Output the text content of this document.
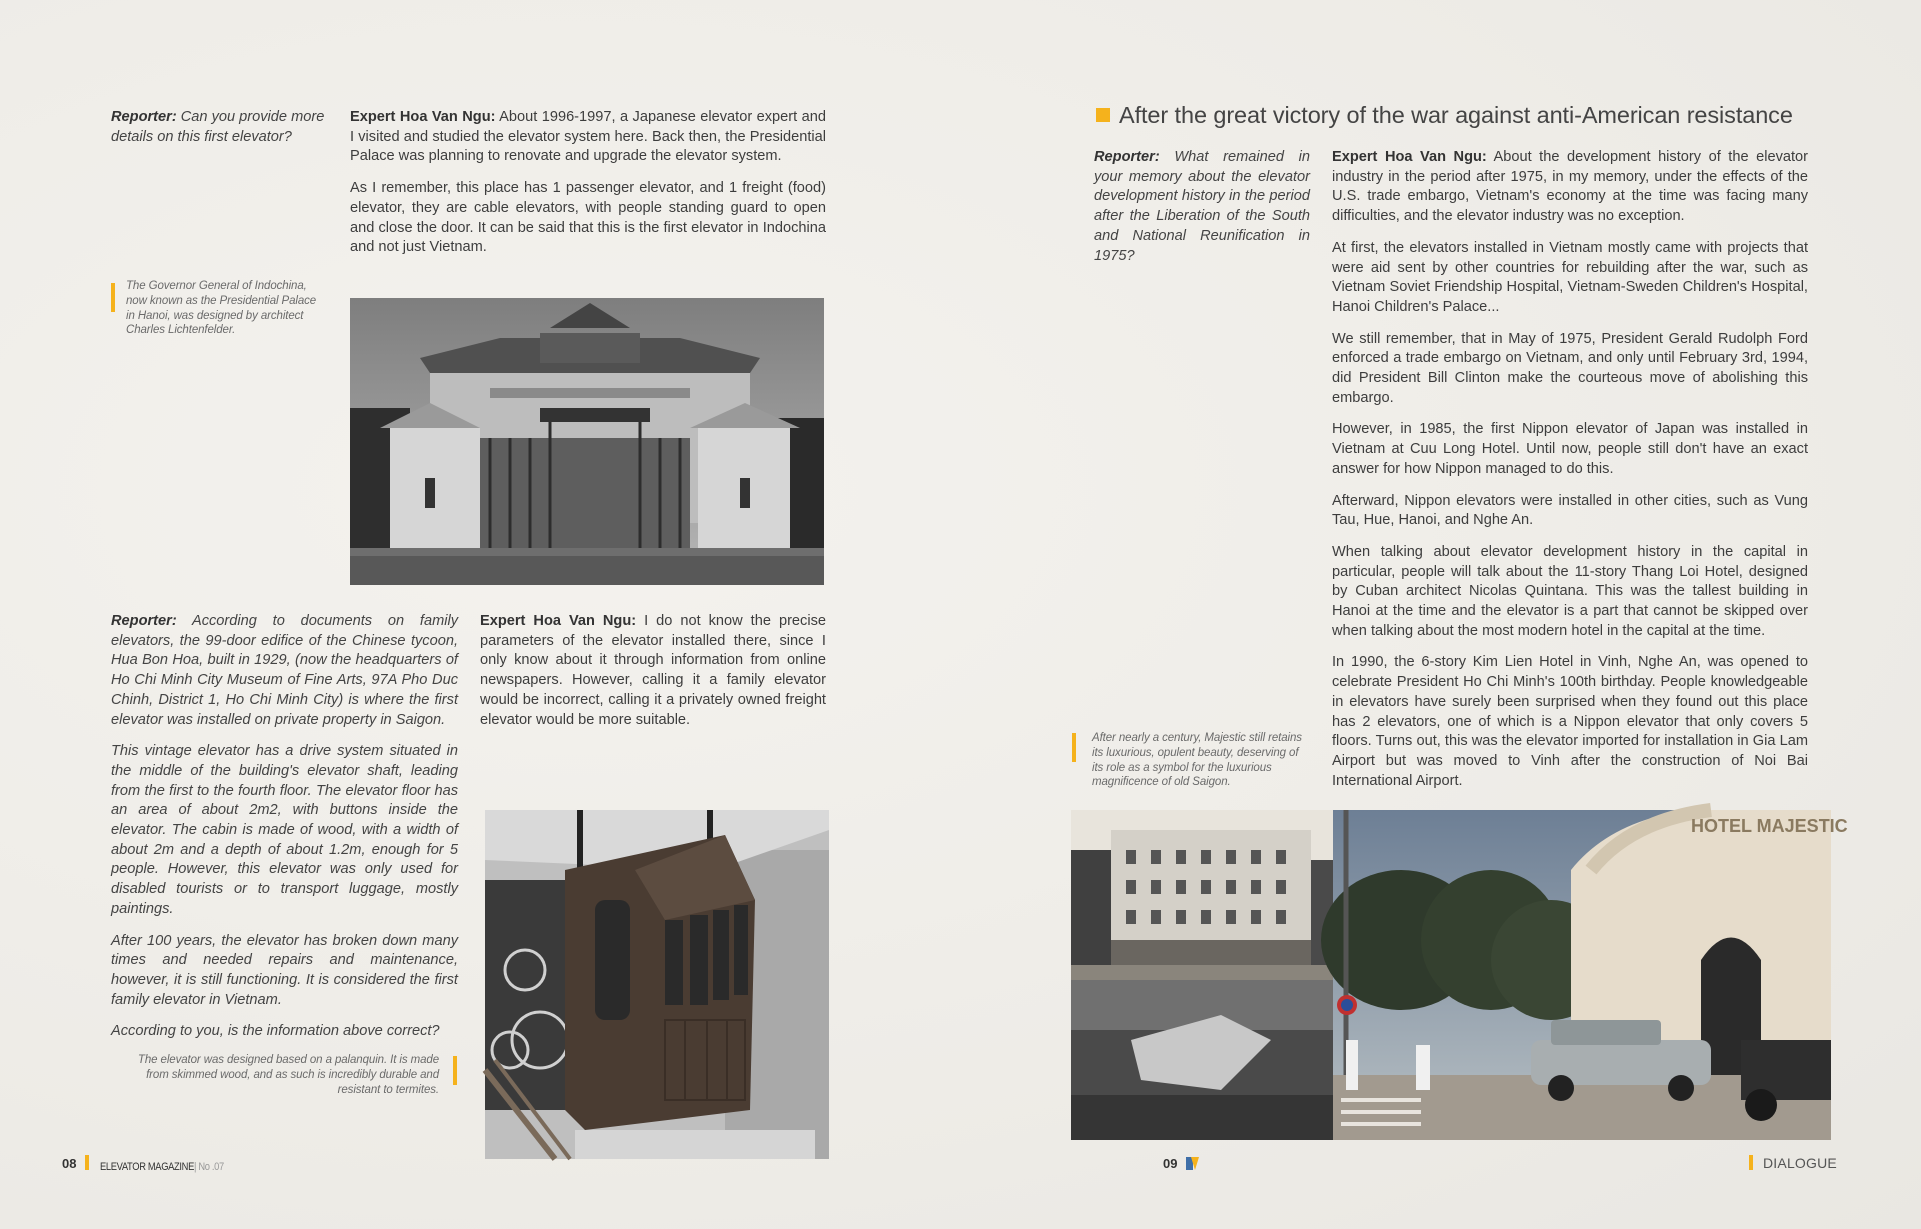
Reporter: Can you provide more details on this first elevator?

Expert Hoa Van Ngu: About 1996-1997, a Japanese elevator expert and I visited and studied the elevator system here. Back then, the Presidential Palace was planning to renovate and upgrade the elevator system.

As I remember, this place has 1 passenger elevator, and 1 freight (food) elevator, they are cable elevators, with people standing guard to open and close the door. It can be said that this is the first elevator in Indochina and not just Vietnam.

The Governor General of Indochina, now known as the Presidential Palace in Hanoi, was designed by architect Charles Lichtenfelder.

Reporter: According to documents on family elevators, the 99-door edifice of the Chinese tycoon, Hua Bon Hoa, built in 1929, (now the headquarters of Ho Chi Minh City Museum of Fine Arts, 97A Pho Duc Chinh, District 1, Ho Chi Minh City) is where the first elevator was installed on private property in Saigon.

This vintage elevator has a drive system situated in the middle of the building's elevator shaft, leading from the first to the fourth floor. The elevator floor has an area of about 2m2, with buttons inside the elevator. The cabin is made of wood, with a width of about 2m and a depth of about 1.2m, enough for 5 people. However, this elevator was only used for disabled tourists or to transport luggage, mostly paintings.

After 100 years, the elevator has broken down many times and needed repairs and maintenance, however, it is still functioning. It is considered the first family elevator in Vietnam.

According to you, is the information above correct?

Expert Hoa Van Ngu: I do not know the precise parameters of the elevator installed there, since I only know about it through information from online newspapers. However, calling it a family elevator would be incorrect, calling it a privately owned freight elevator would be more suitable.

The elevator was designed based on a palanquin. It is made from skimmed wood, and as such is incredibly durable and resistant to termites.
08 ELEVATOR MAGAZINE| No .07
After the great victory of the war against anti-American resistance
Reporter: What remained in your memory about the elevator development history in the period after the Liberation of the South and National Reunification in 1975?

Expert Hoa Van Ngu: About the development history of the elevator industry in the period after 1975, in my memory, under the effects of the U.S. trade embargo, Vietnam's economy at the time was facing many difficulties, and the elevator industry was no exception.

At first, the elevators installed in Vietnam mostly came with projects that were aid sent by other countries for rebuilding after the war, such as Vietnam Soviet Friendship Hospital, Vietnam-Sweden Children's Hospital, Hanoi Children's Palace...

We still remember, that in May of 1975, President Gerald Rudolph Ford enforced a trade embargo on Vietnam, and only until February 3rd, 1994, did President Bill Clinton make the courteous move of abolishing this embargo.

However, in 1985, the first Nippon elevator of Japan was installed in Vietnam at Cuu Long Hotel. Until now, people still don't have an exact answer for how Nippon managed to do this.

Afterward, Nippon elevators were installed in other cities, such as Vung Tau, Hue, Hanoi, and Nghe An.

When talking about elevator development history in the capital in particular, people will talk about the 11-story Thang Loi Hotel, designed by Cuban architect Nicolas Quintana. This was the tallest building in Hanoi at the time and the elevator is a part that cannot be skipped over when talking about the most modern hotel in the capital at the time.

In 1990, the 6-story Kim Lien Hotel in Vinh, Nghe An, was opened to celebrate President Ho Chi Minh's 100th birthday. People knowledgeable in elevators have surely been surprised when they found out this place has 2 elevators, one of which is a Nippon elevator that only covers 5 floors. Turns out, this was the elevator imported for installation in Gia Lam Airport but was moved to Vinh after the construction of Noi Bai International Airport.

After nearly a century, Majestic still retains its luxurious, opulent beauty, deserving of its role as a symbol for the luxurious magnificence of old Saigon.
HOTEL MAJESTIC
09	DIALOGUE
